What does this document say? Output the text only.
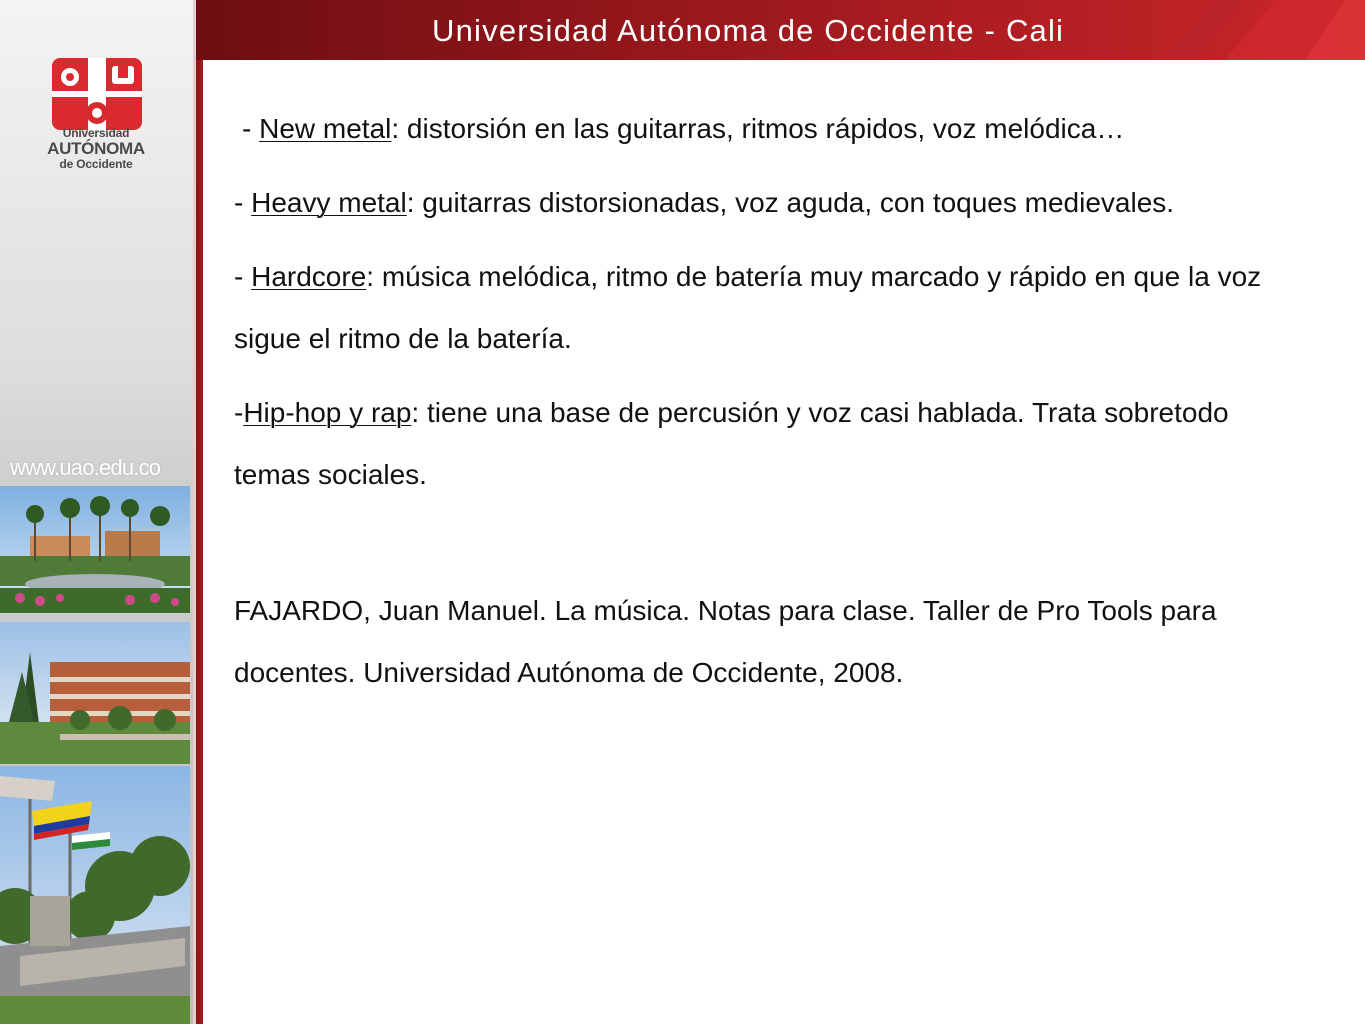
Universidad
AUTÓNOMA
de Occidente
www.uao.edu.co
Universidad Autónoma de Occidente - Cali

- New metal: distorsión en las guitarras, ritmos rápidos, voz melódica…

- Heavy metal: guitarras distorsionadas, voz aguda, con toques medievales.

- Hardcore: música melódica, ritmo de batería muy marcado y rápido en que la voz sigue el ritmo de la batería.

-Hip-hop y rap: tiene una base de percusión y voz casi hablada. Trata sobretodo temas sociales.

FAJARDO, Juan Manuel. La música. Notas para clase. Taller de Pro Tools para docentes. Universidad Autónoma de Occidente, 2008.
